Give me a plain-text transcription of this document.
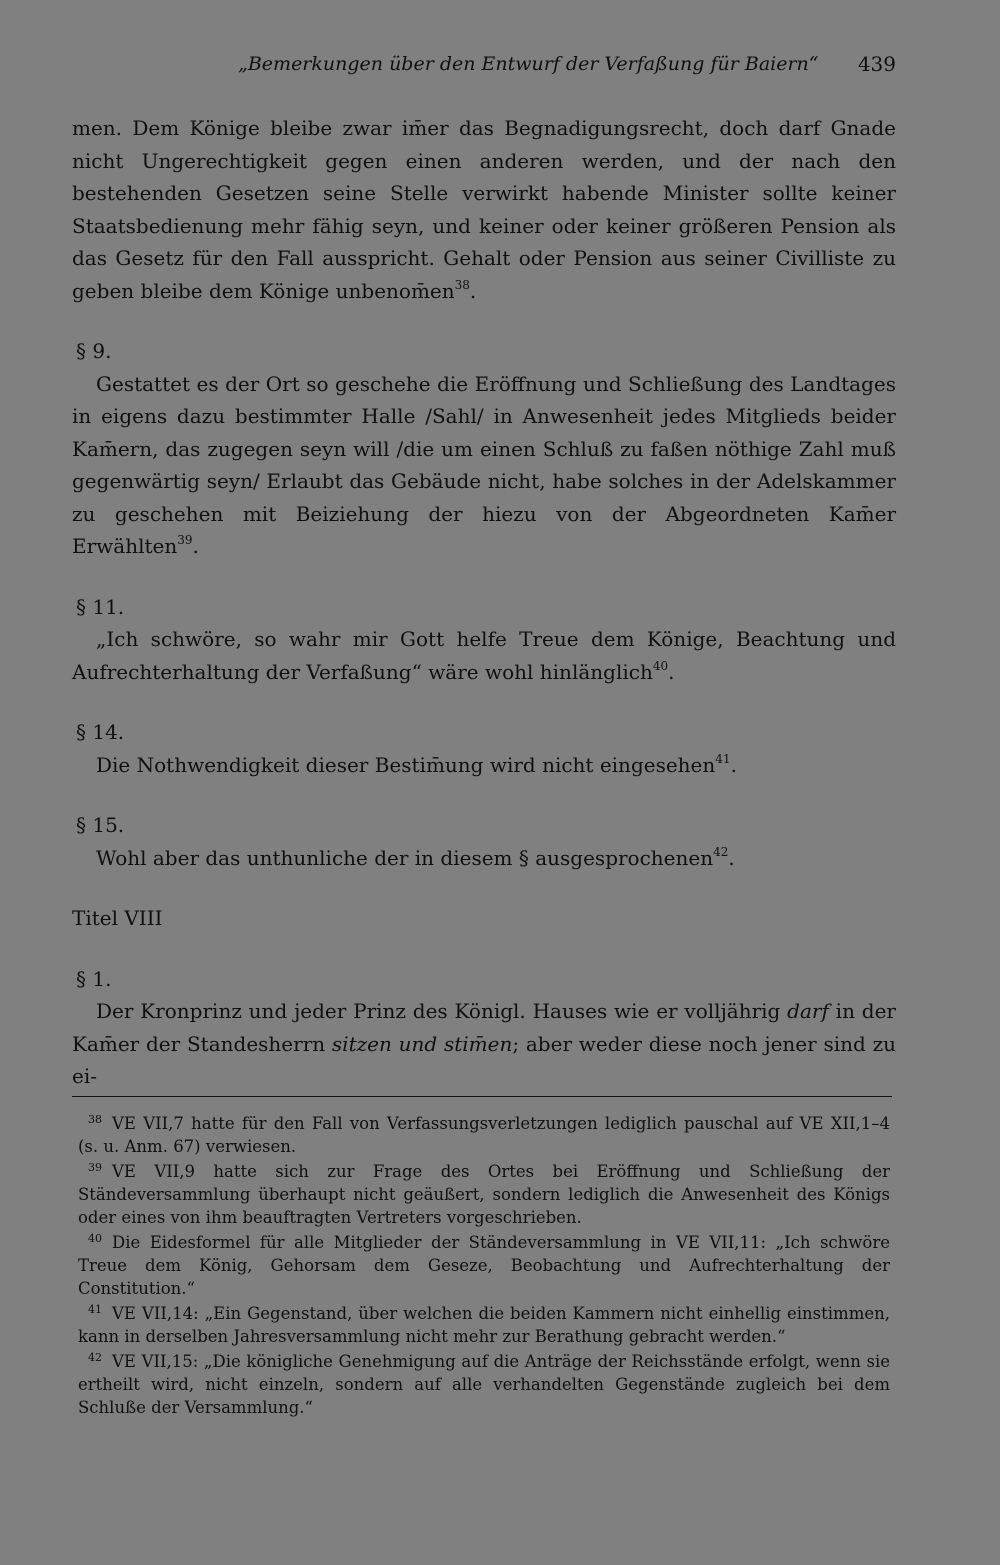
„Bemerkungen über den Entwurf der Verfaßung für Baiern“ 439

men. Dem Könige bleibe zwar im̄er das Begnadigungsrecht, doch darf Gnade nicht Ungerechtigkeit gegen einen anderen werden, und der nach den bestehenden Gesetzen seine Stelle verwirkt habende Minister sollte keiner Staatsbedienung mehr fähig seyn, und keiner oder keiner größeren Pension als das Gesetz für den Fall ausspricht. Gehalt oder Pension aus seiner Civilliste zu geben bleibe dem Könige $unbenom̄en^{38}$.

§ 9.

Gestattet es der Ort so geschehe die Eröffnung und Schließung des Landtages in eigens dazu bestimmter Halle /Sahl/ in Anwesenheit jedes Mitglieds beider Kam̄ern, das zugegen seyn will /die um einen Schluß zu faßen nöthige Zahl muß gegenwärtig seyn/ Erlaubt das Gebäude nicht, habe solches in der Adelskammer zu geschehen mit Beiziehung der hiezu von der Abgeordneten Kam̄er Erwählten$^{39}$.

§ 11.

„Ich schwöre, so wahr mir Gott helfe Treue dem Könige, Beachtung und Aufrechterhaltung der Verfaßung“ wäre wohl hinlänglich$^{40}$.

§ 14.

Die Nothwendigkeit dieser Bestim̄ung wird nicht eingesehen$^{41}$.

§ 15.

Wohl aber das unthunliche der in diesem § ausgesprochenen$^{42}$.

Titel VIII

§ 1.

Der Kronprinz und jeder Prinz des Königl. Hauses wie er volljährig darf in der Kam̄er der Standesherrn sitzen und stim̄en; aber weder diese noch jener sind zu ei-

38 VE VII,7 hatte für den Fall von Verfassungsverletzungen lediglich pauschal auf VE XII,1–4 (s. u. Anm. 67) verwiesen.

39 VE VII,9 hatte sich zur Frage des Ortes bei Eröffnung und Schließung der Ständeversammlung überhaupt nicht geäußert, sondern lediglich die Anwesenheit des Königs oder eines von ihm beauftragten Vertreters vorgeschrieben.

40 Die Eidesformel für alle Mitglieder der Ständeversammlung in VE VII,11: „Ich schwöre Treue dem König, Gehorsam dem Geseze, Beobachtung und Aufrechterhaltung der Constitution.“

41 VE VII,14: „Ein Gegenstand, über welchen die beiden Kammern nicht einhellig einstimmen, kann in derselben Jahresversammlung nicht mehr zur Berathung gebracht werden.“

42 VE VII,15: „Die königliche Genehmigung auf die Anträge der Reichsstände erfolgt, wenn sie ertheilt wird, nicht einzeln, sondern auf alle verhandelten Gegenstände zugleich bei dem Schluße der Versammlung.“
